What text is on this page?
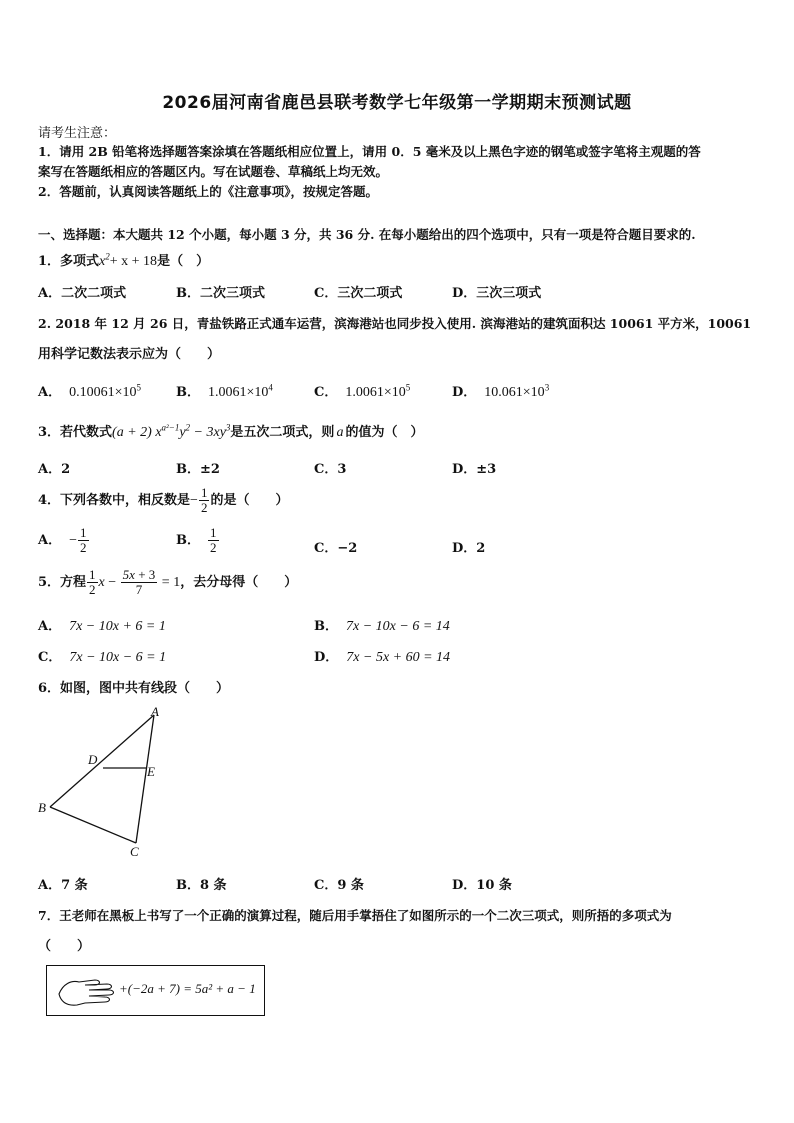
2026届河南省鹿邑县联考数学七年级第一学期期末预测试题
请考生注意：
1．请用 2B 铅笔将选择题答案涂填在答题纸相应位置上，请用 0．5 毫米及以上黑色字迹的钢笔或签字笔将主观题的答
案写在答题纸相应的答题区内。写在试题卷、草稿纸上均无效。
2．答题前，认真阅读答题纸上的《注意事项》，按规定答题。
一、选择题：本大题共 12 个小题，每小题 3 分，共 36 分. 在每小题给出的四个选项中，只有一项是符合题目要求的.
1．多项式$x^2+ x + 18$是（　）
A．二次二项式	B．二次三项式	C．三次二项式	D．三次三项式
2. 2018 年 12 月 26 日，青盐铁路正式通车运营，滨海港站也同步投入使用. 滨海港站的建筑面积达 10061 平方米，10061
用科学记数法表示应为（　　）
A． $0.10061\times 10^5$	B． $1.0061\times 10^4$	C． $1.0061\times 10^5$	D． $10.061\times 10^3$
3．若代数式(a + 2) $x^{a^2-1}y^2 - 3xy^3$是五次二项式，则 a 的值为（　）
A．2	B．±2	C．3	D．±3
4．下列各数中，相反数是− $\frac{1}{2}$ 的是（　　）
A． − $\frac{1}{2}$	B． $\frac{1}{2}$	C．−2	D．2
5．方程 $\frac{1}{2}$ $x - \frac{5x + 3}{7} = 1$，去分母得（　　）
A． 7x − 10x + 6 = 1	B． 7x − 10x − 6 = 14
C． 7x − 10x − 6 = 1	D． 7x − 5x + 60 = 14
6．如图，图中共有线段（　　）
A
B
C
D
E
A．7 条	B．8 条	C．9 条	D．10 条
7．王老师在黑板上书写了一个正确的演算过程，随后用手掌捂住了如图所示的一个二次三项式，则所捂的多项式为
（　　）
+(−2a + 7) = 5a² + a − 1
